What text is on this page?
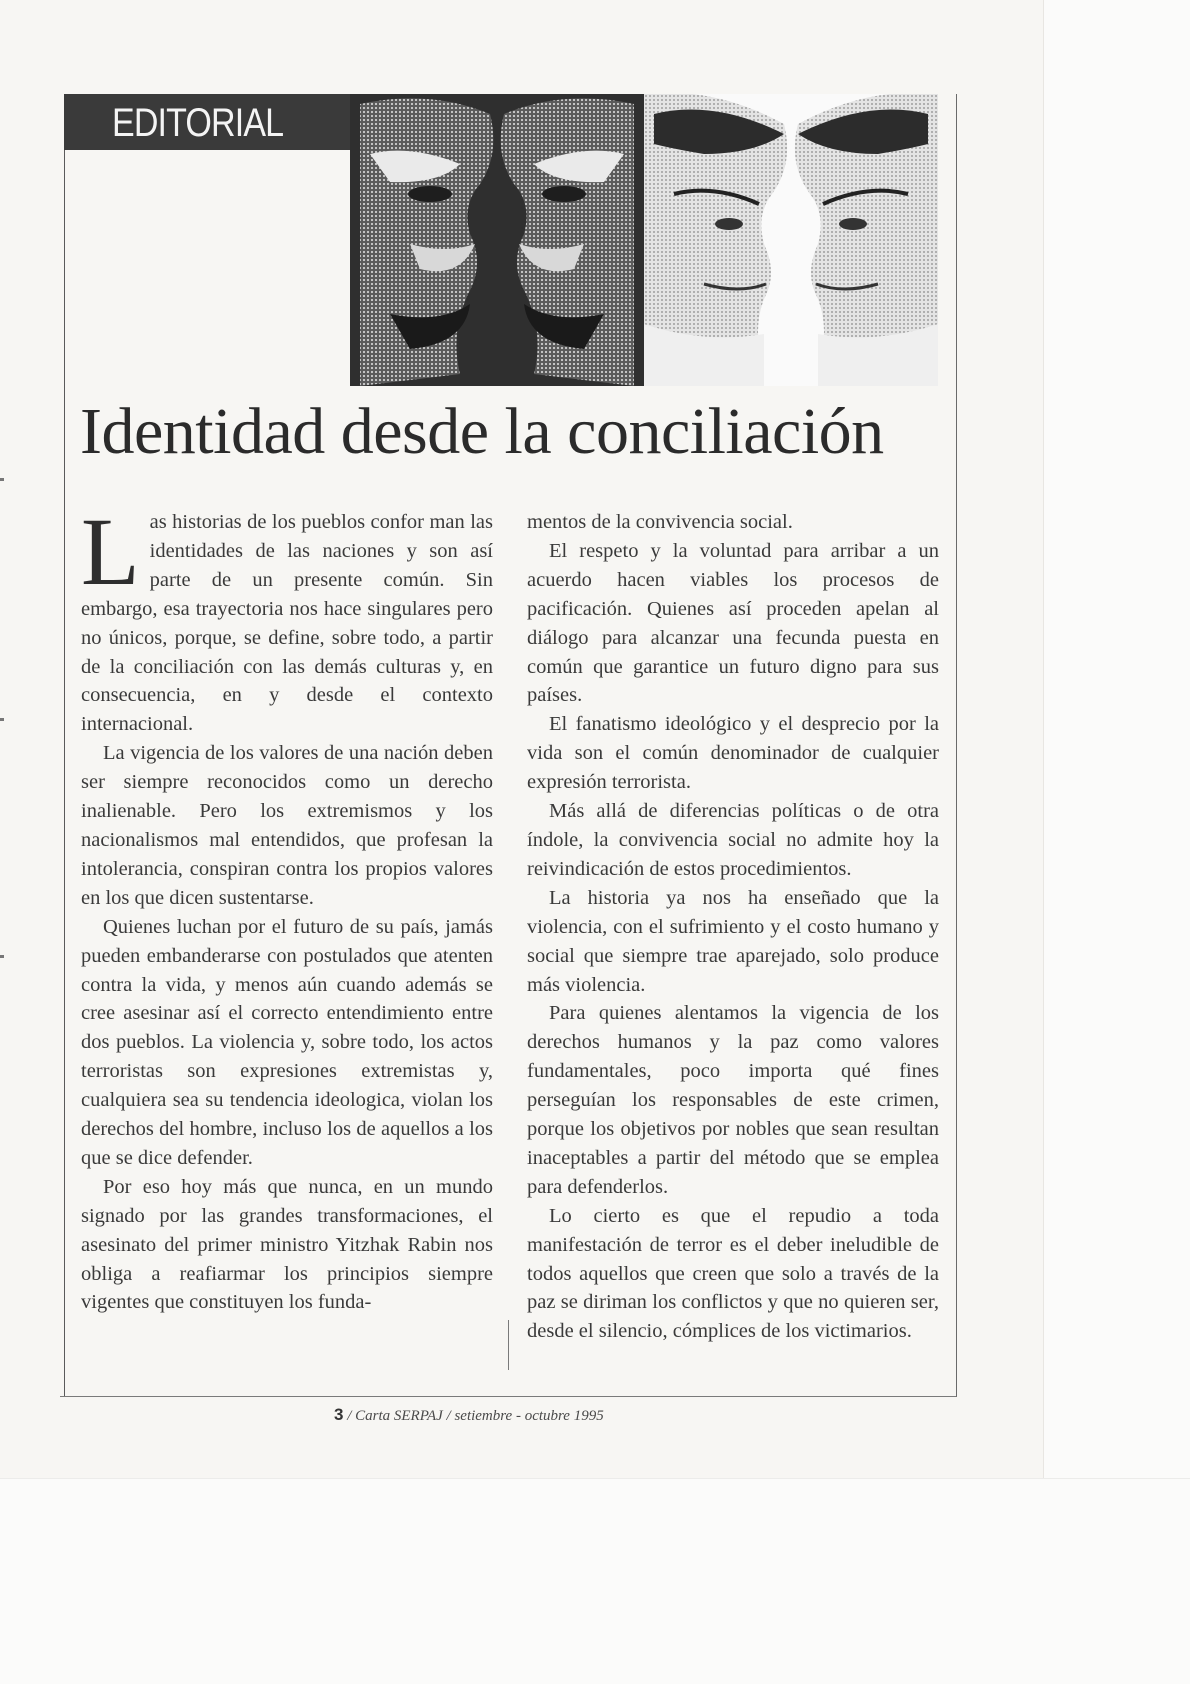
EDITORIAL
Identidad desde la conciliación

Las historias de los pueblos confor man las identidades de las naciones y son así parte de un presente común. Sin embargo, esa trayectoria nos hace singulares pero no únicos, porque, se define, sobre todo, a partir de la conciliación con las demás culturas y, en consecuencia, en y desde el contexto internacional.

La vigencia de los valores de una nación deben ser siempre reconocidos como un derecho inalienable. Pero los extremismos y los nacionalismos mal entendidos, que profesan la intolerancia, conspiran contra los propios valores en los que dicen sustentarse.

Quienes luchan por el futuro de su país, jamás pueden embanderarse con postulados que atenten contra la vida, y menos aún cuando además se cree asesinar así el correcto entendimiento entre dos pueblos. La violencia y, sobre todo, los actos terroristas son expresiones extremistas y, cualquiera sea su tendencia ideologica, violan los derechos del hombre, incluso los de aquellos a los que se dice defender.

Por eso hoy más que nunca, en un mundo signado por las grandes transformaciones, el asesinato del primer ministro Yitzhak Rabin nos obliga a reafiarmar los principios siempre vigentes que constituyen los funda-

mentos de la convivencia social.

El respeto y la voluntad para arribar a un acuerdo hacen viables los procesos de pacificación. Quienes así proceden apelan al diálogo para alcanzar una fecunda puesta en común que garantice un futuro digno para sus países.

El fanatismo ideológico y el desprecio por la vida son el común denominador de cualquier expresión terrorista.

Más allá de diferencias políticas o de otra índole, la convivencia social no admite hoy la reivindicación de estos procedimientos.

La historia ya nos ha enseñado que la violencia, con el sufrimiento y el costo humano y social que siempre trae aparejado, solo produce más violencia.

Para quienes alentamos la vigencia de los derechos humanos y la paz como valores fundamentales, poco importa qué fines perseguían los responsables de este crimen, porque los objetivos por nobles que sean resultan inaceptables a partir del método que se emplea para defenderlos.

Lo cierto es que el repudio a toda manifestación de terror es el deber ineludible de todos aquellos que creen que solo a través de la paz se diriman los conflictos y que no quieren ser, desde el silencio, cómplices de los victimarios.

3 / Carta SERPAJ / setiembre - octubre 1995
